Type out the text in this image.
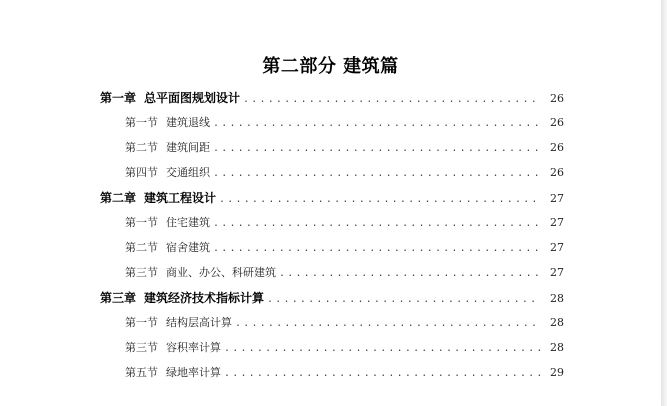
第二部分 建筑篇
第一章 总平面图规划设计 .....	26
第一节 建筑退线 .....	26
第二节 建筑间距 .....	26
第四节 交通组织 .....	26
第二章 建筑工程设计 .....	27
第一节 住宅建筑 .....	27
第二节 宿舍建筑 .....	27
第三节 商业、办公、科研建筑 .....	27
第三章 建筑经济技术指标计算 .....	28
第一节 结构层高计算 .....	28
第三节 容积率计算 .....	28
第五节 绿地率计算 .....	29
